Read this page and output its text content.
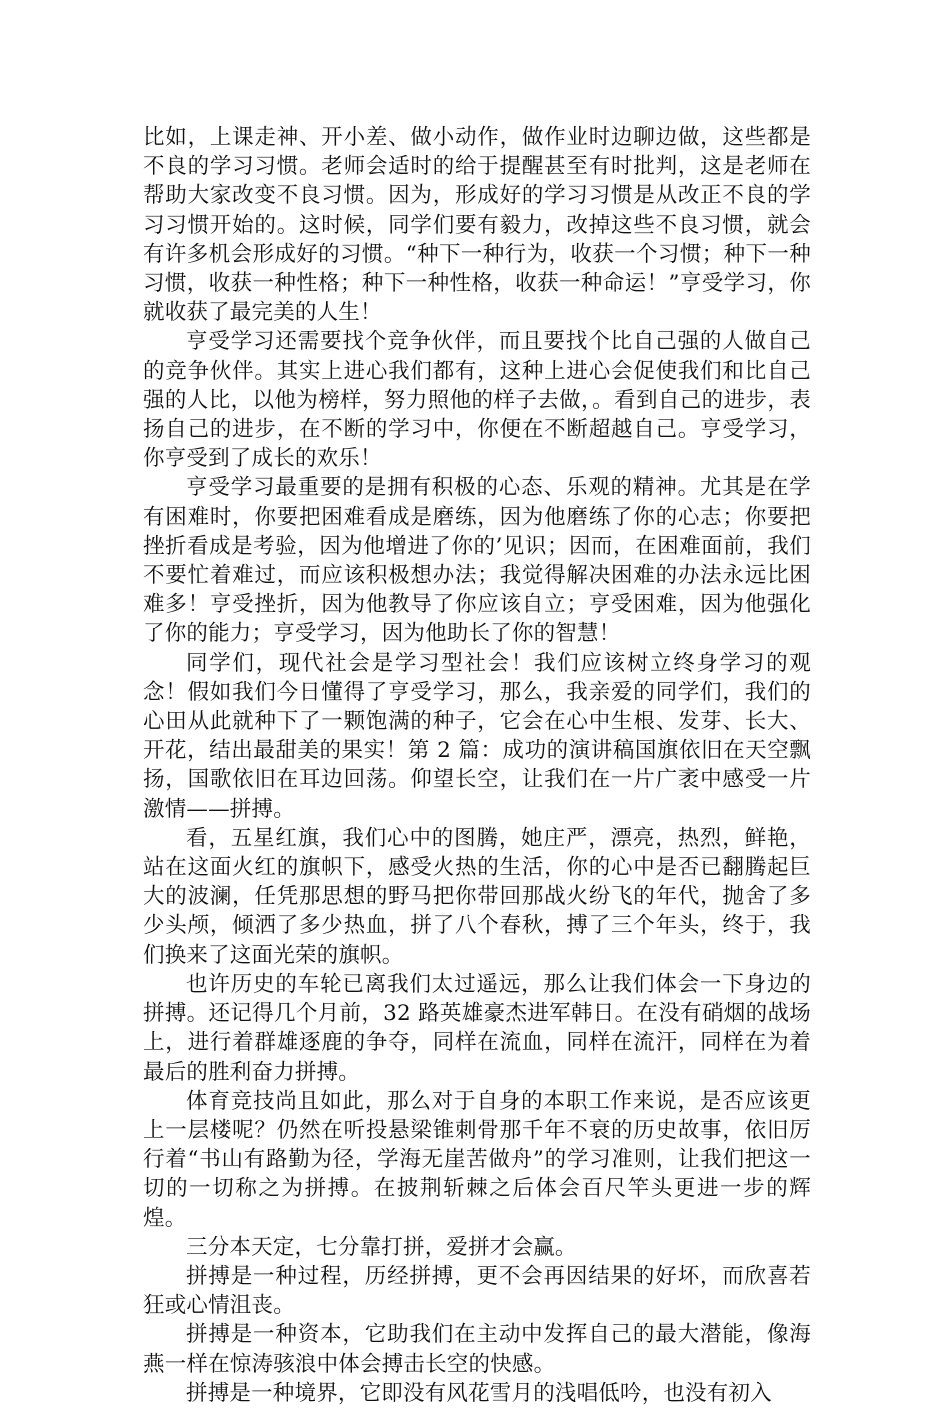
比如，上课走神、开小差、做小动作，做作业时边聊边做，这些都是不良的学习习惯。老师会适时的给于提醒甚至有时批判，这是老师在帮助大家改变不良习惯。因为，形成好的学习习惯是从改正不良的学习习惯开始的。这时候，同学们要有毅力，改掉这些不良习惯，就会有许多机会形成好的习惯。“种下一种行为，收获一个习惯；种下一种习惯，收获一种性格；种下一种性格，收获一种命运！”亨受学习，你就收获了最完美的人生！

亨受学习还需要找个竞争伙伴，而且要找个比自己强的人做自己的竞争伙伴。其实上进心我们都有，这种上进心会促使我们和比自己强的人比，以他为榜样，努力照他的样子去做，。看到自己的进步，表扬自己的进步，在不断的学习中，你便在不断超越自己。亨受学习，你亨受到了成长的欢乐！

亨受学习最重要的是拥有积极的心态、乐观的精神。尤其是在学有困难时，你要把困难看成是磨练，因为他磨练了你的心志；你要把挫折看成是考验，因为他增进了你的’见识；因而，在困难面前，我们不要忙着难过，而应该积极想办法；我觉得解决困难的办法永远比困难多！亨受挫折，因为他教导了你应该自立；亨受困难，因为他强化了你的能力；亨受学习，因为他助长了你的智慧！

同学们，现代社会是学习型社会！我们应该树立终身学习的观念！假如我们今日懂得了亨受学习，那么，我亲爱的同学们，我们的心田从此就种下了一颗饱满的种子，它会在心中生根、发芽、长大、开花，结出最甜美的果实！第 2 篇：成功的演讲稿国旗依旧在天空飘扬，国歌依旧在耳边回荡。仰望长空，让我们在一片广袤中感受一片激情——拼搏。

看，五星红旗，我们心中的图腾，她庄严，漂亮，热烈，鲜艳，站在这面火红的旗帜下，感受火热的生活，你的心中是否已翻腾起巨大的波澜，任凭那思想的野马把你带回那战火纷飞的年代，抛舍了多少头颅，倾洒了多少热血，拼了八个春秋，搏了三个年头，终于，我们换来了这面光荣的旗帜。

也许历史的车轮已离我们太过遥远，那么让我们体会一下身边的拼搏。还记得几个月前，32 路英雄豪杰进军韩日。在没有硝烟的战场上，进行着群雄逐鹿的争夺，同样在流血，同样在流汗，同样在为着最后的胜利奋力拼搏。

体育竞技尚且如此，那么对于自身的本职工作来说，是否应该更上一层楼呢？仍然在听投悬梁锥刺骨那千年不衰的历史故事，依旧厉行着“书山有路勤为径，学海无崖苦做舟”的学习准则，让我们把这一切的一切称之为拼搏。在披荆斩棘之后体会百尺竿头更进一步的辉煌。

三分本天定，七分靠打拼，爱拼才会赢。

拼搏是一种过程，历经拼搏，更不会再因结果的好坏，而欣喜若狂或心情沮丧。

拼搏是一种资本，它助我们在主动中发挥自己的最大潜能，像海燕一样在惊涛骇浪中体会搏击长空的快感。

拼搏是一种境界，它即没有风花雪月的浅唱低吟，也没有初入
